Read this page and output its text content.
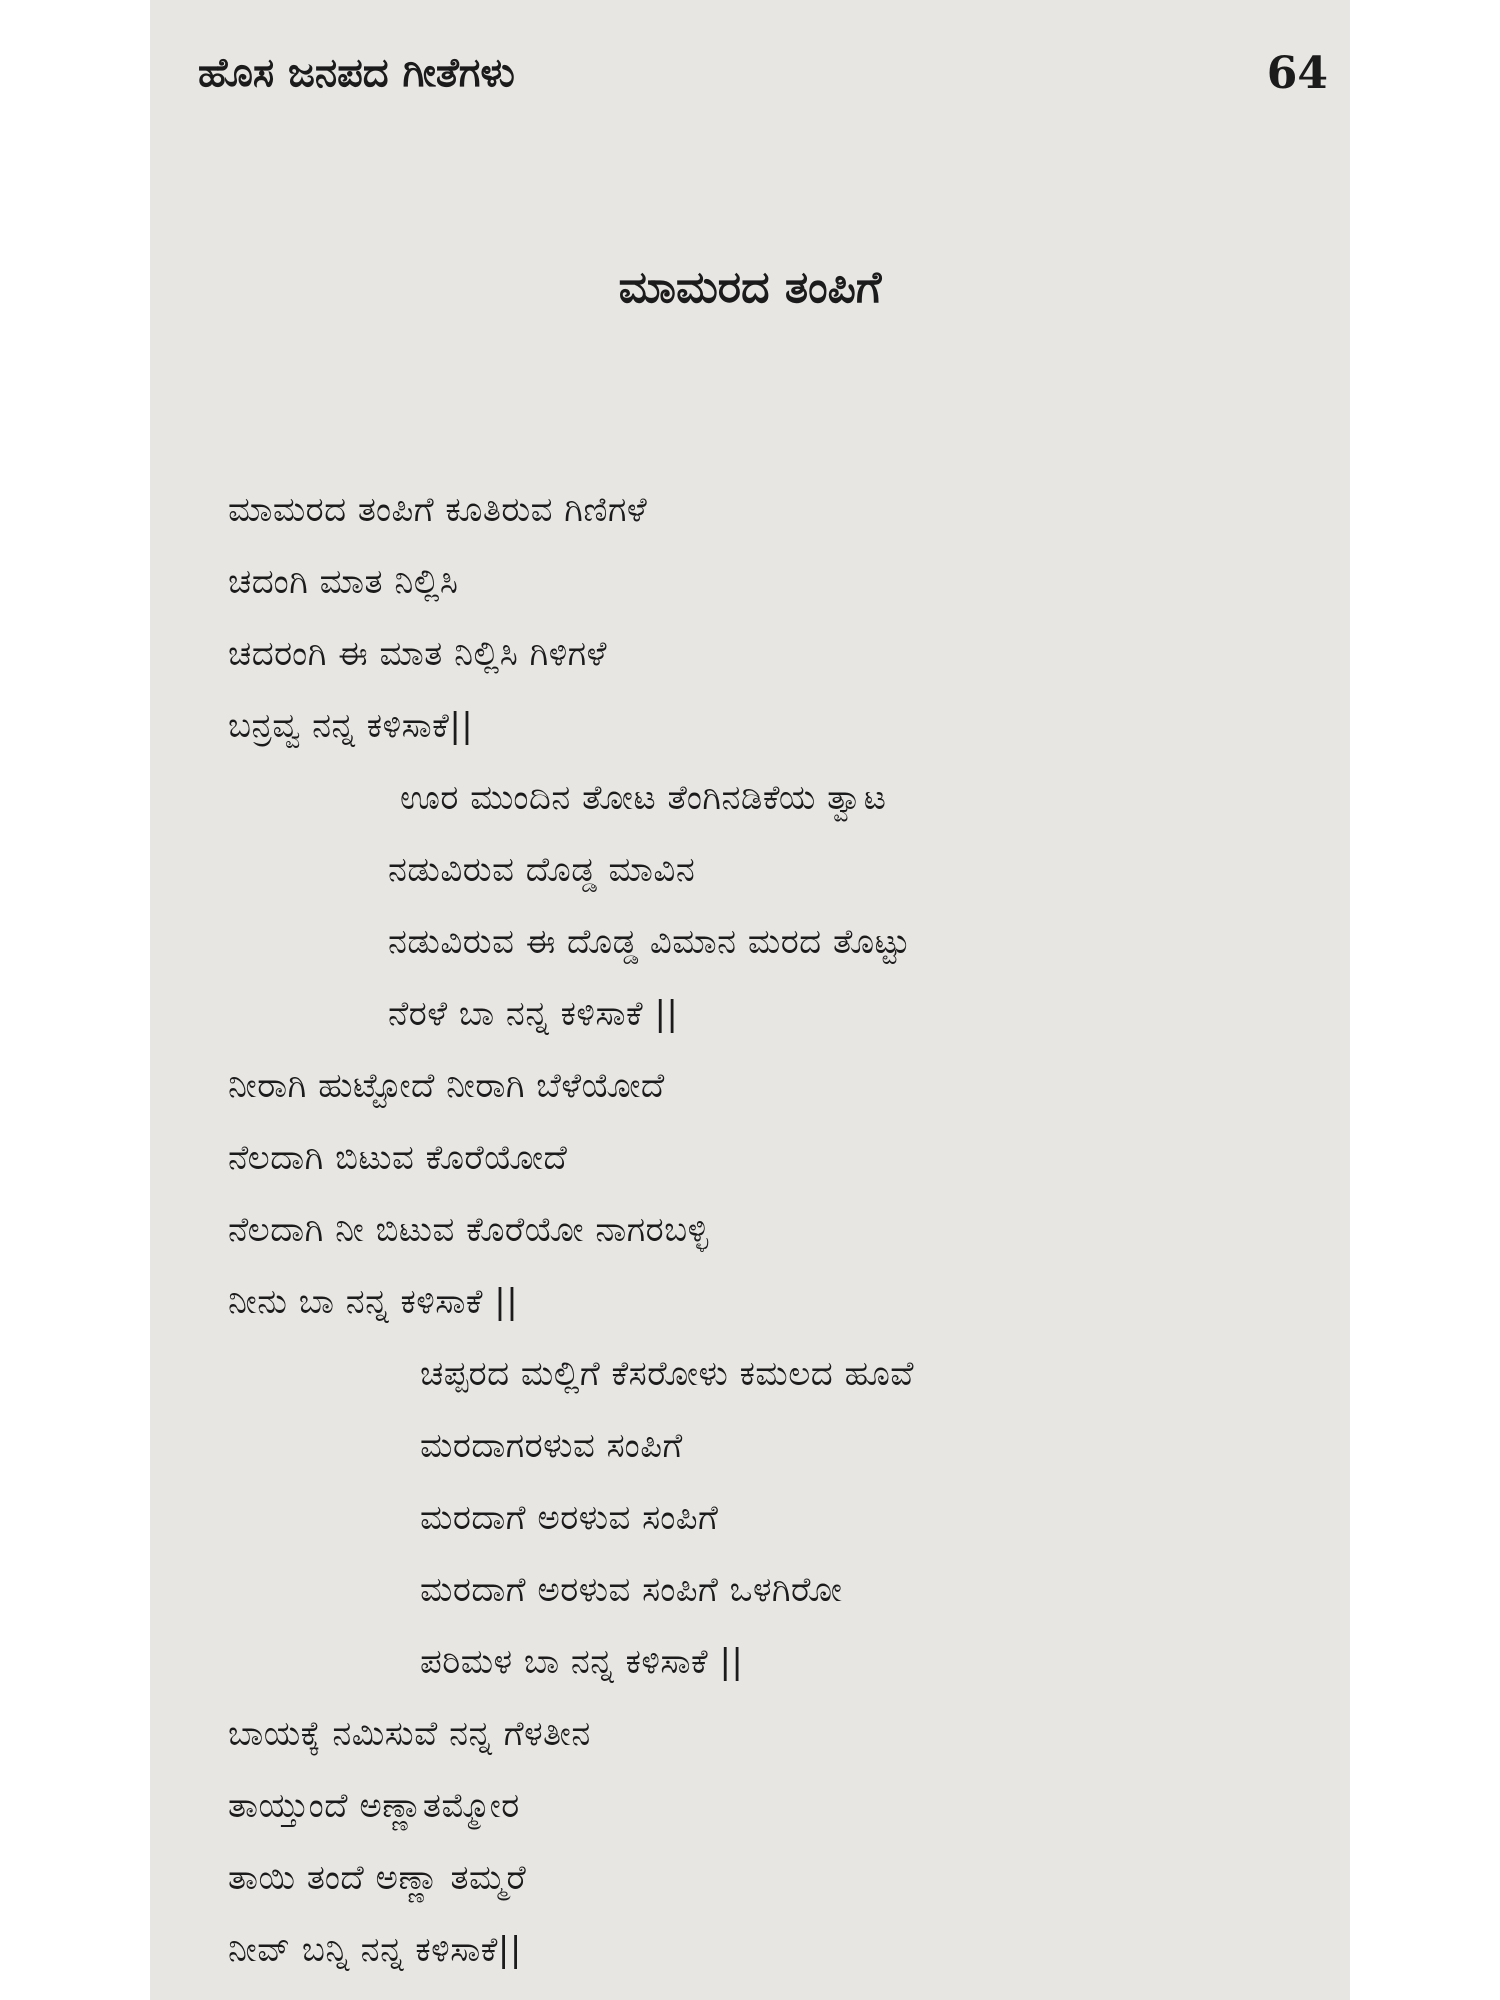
ಹೊಸ ಜನಪದ ಗೀತೆಗಳು	64
ಮಾಮರದ ತಂಪಿಗೆ
ಮಾಮರದ ತಂಪಿಗೆ ಕೂತಿರುವ ಗಿಣಿಗಳೆ
ಚದಂಗಿ ಮಾತ ನಿಲ್ಲಿಸಿ
ಚದರಂಗಿ ಈ ಮಾತ ನಿಲ್ಲಿಸಿ ಗಿಳಿಗಳೆ
ಬನ್ರವ್ವ ನನ್ನ ಕಳಿಸಾಕೆ||
ಊರ ಮುಂದಿನ ತೋಟ ತೆಂಗಿನಡಿಕೆಯ ತ್ವಾಟ
ನಡುವಿರುವ ದೊಡ್ಡ ಮಾವಿನ
ನಡುವಿರುವ ಈ ದೊಡ್ಡ ವಿಮಾನ ಮರದ ತೊಟ್ಟು
ನೆರಳೆ ಬಾ ನನ್ನ ಕಳಿಸಾಕೆ ||
ನೀರಾಗಿ ಹುಟ್ಟೋದೆ ನೀರಾಗಿ ಬೆಳೆಯೋದೆ
ನೆಲದಾಗಿ ಬಿಟುವ ಕೊರೆಯೋದೆ
ನೆಲದಾಗಿ ನೀ ಬಿಟುವ ಕೊರೆಯೋ ನಾಗರಬಳ್ಳಿ
ನೀನು ಬಾ ನನ್ನ ಕಳಿಸಾಕೆ ||
ಚಪ್ಪರದ ಮಲ್ಲಿಗೆ ಕೆಸರೋಳು ಕಮಲದ ಹೂವೆ
ಮರದಾಗರಳುವ ಸಂಪಿಗೆ
ಮರದಾಗೆ ಅರಳುವ ಸಂಪಿಗೆ
ಮರದಾಗೆ ಅರಳುವ ಸಂಪಿಗೆ ಒಳಗಿರೋ
ಪರಿಮಳ ಬಾ ನನ್ನ ಕಳಿಸಾಕೆ ||
ಬಾಯಕ್ಕೆ ನಮಿಸುವೆ ನನ್ನ ಗೆಳತೀನ
ತಾಯ್ತುಂದೆ ಅಣ್ಣಾತಮ್ಮೋರ
ತಾಯಿ ತಂದೆ ಅಣ್ಣಾ ತಮ್ಮರೆ
ನೀವ್ ಬನ್ನಿ ನನ್ನ ಕಳಿಸಾಕೆ||
